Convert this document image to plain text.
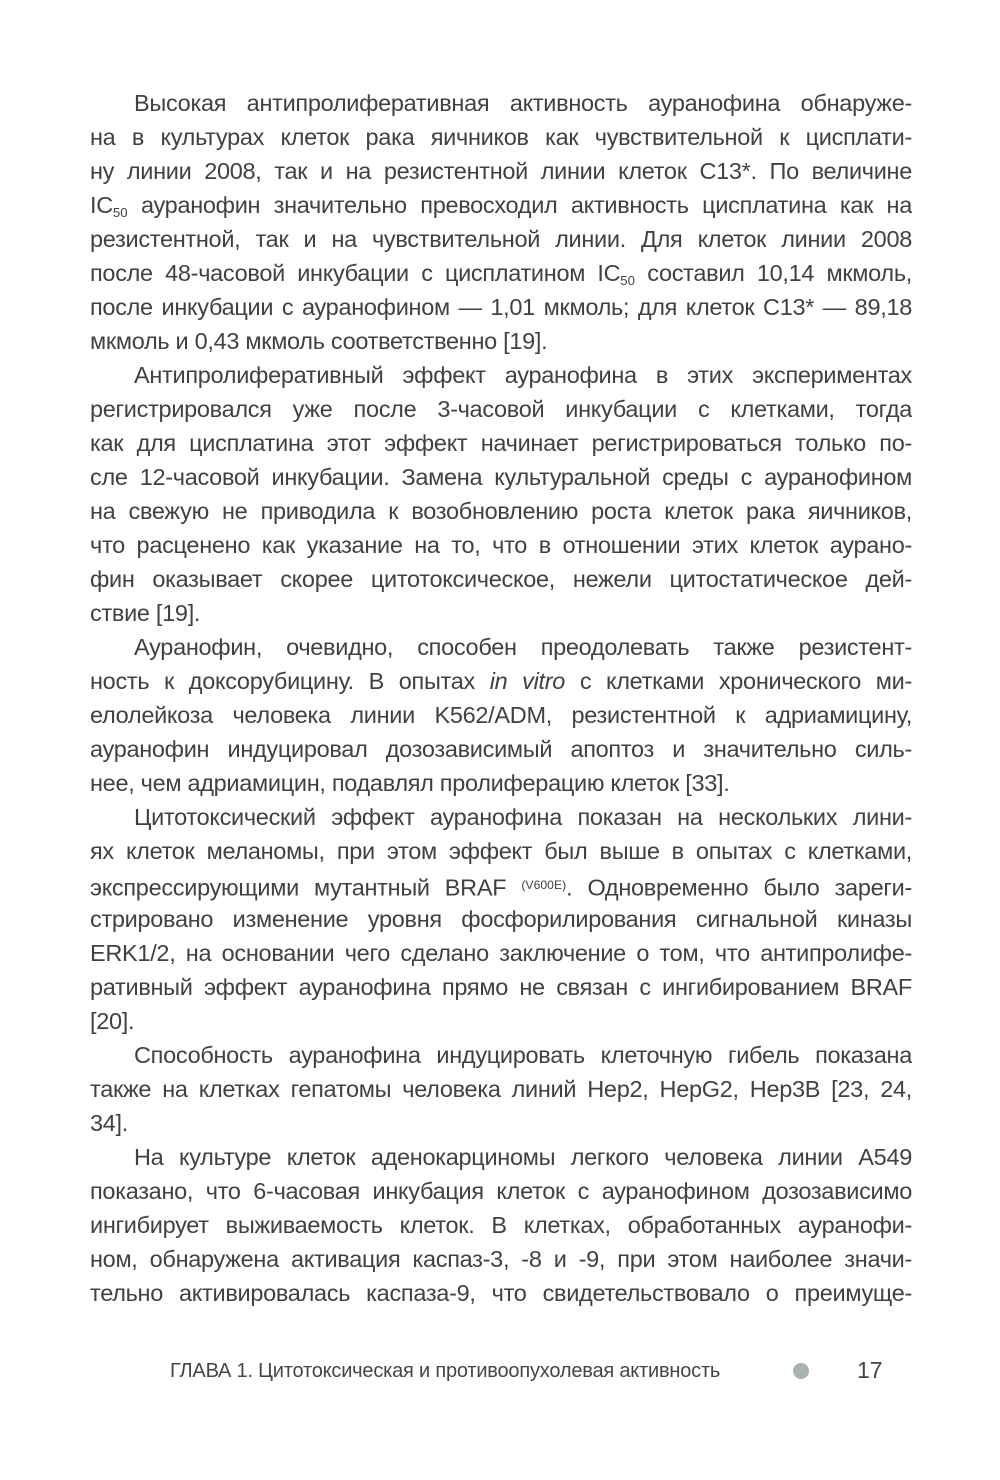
Высокая антипролиферативная активность ауранофина обнаруже-
на в культурах клеток рака яичников как чувствительной к цисплати-
ну линии 2008, так и на резистентной линии клеток C13*. По величине
IC50 ауранофин значительно превосходил активность цисплатина как на
резистентной, так и на чувствительной линии. Для клеток линии 2008
после 48-часовой инкубации с цисплатином IC50 составил 10,14 мкмоль,
после инкубации с ауранофином — 1,01 мкмоль; для клеток C13* — 89,18
мкмоль и 0,43 мкмоль соответственно [19].
Антипролиферативный эффект ауранофина в этих экспериментах
регистрировался уже после 3-часовой инкубации с клетками, тогда
как для цисплатина этот эффект начинает регистрироваться только по-
сле 12-часовой инкубации. Замена культуральной среды с ауранофином
на свежую не приводила к возобновлению роста клеток рака яичников,
что расценено как указание на то, что в отношении этих клеток аурано-
фин оказывает скорее цитотоксическое, нежели цитостатическое дей-
ствие [19].
Ауранофин, очевидно, способен преодолевать также резистент-
ность к доксорубицину. В опытах in vitro с клетками хронического ми-
елолейкоза человека линии K562/ADM, резистентной к адриамицину,
ауранофин индуцировал дозозависимый апоптоз и значительно силь-
нее, чем адриамицин, подавлял пролиферацию клеток [33].
Цитотоксический эффект ауранофина показан на нескольких лини-
ях клеток меланомы, при этом эффект был выше в опытах с клетками,
экспрессирующими мутантный BRAF $^{(V600E)}$. Одновременно было зареги-
стрировано изменение уровня фосфорилирования сигнальной киназы
ERK1/2, на основании чего сделано заключение о том, что антипролифе-
ративный эффект ауранофина прямо не связан с ингибированием BRAF
[20].
Способность ауранофина индуцировать клеточную гибель показана
также на клетках гепатомы человека линий Hep2, HepG2, Hep3B [23, 24,
34].
На культуре клеток аденокарциномы легкого человека линии A549
показано, что 6-часовая инкубация клеток с ауранофином дозозависимо
ингибирует выживаемость клеток. В клетках, обработанных ауранофи-
ном, обнаружена активация каспаз-3, -8 и -9, при этом наиболее значи-
тельно активировалась каспаза-9, что свидетельствовало о преимуще-
ГЛАВА 1. Цитотоксическая и противоопухолевая активность	17
